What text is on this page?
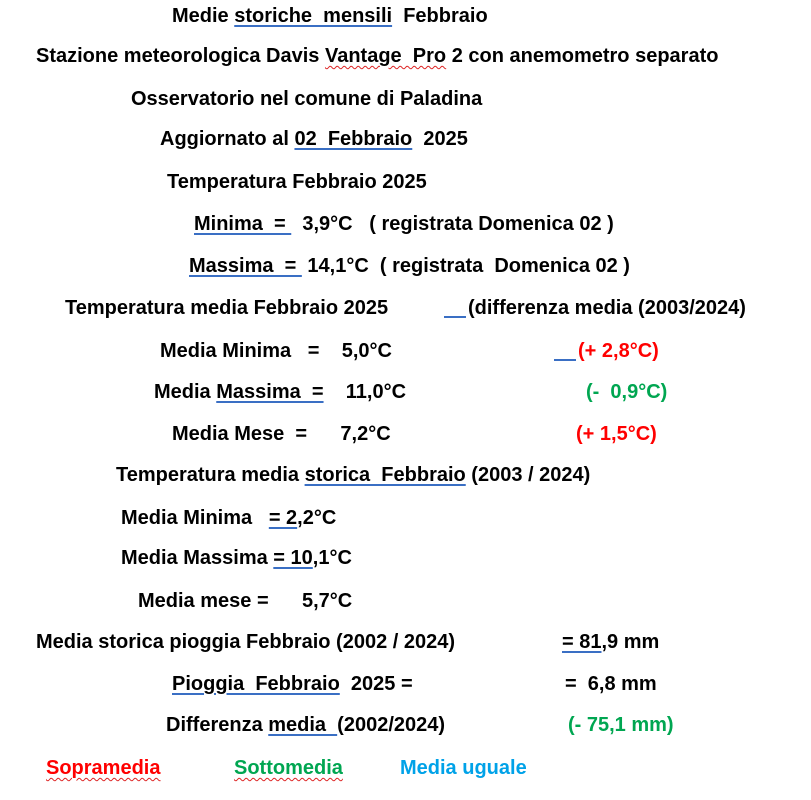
Medie storiche  mensili  Febbraio
Stazione meteorologica Davis Vantage  Pro 2 con anemometro separato
Osservatorio nel comune di Paladina
Aggiornato al 02  Febbraio  2025
Temperatura Febbraio 2025
Minima  =   3,9°C   ( registrata Domenica 02 )
Massima  =  14,1°C  ( registrata  Domenica 02 )
Temperatura media Febbraio 2025	(differenza media (2003/2024)
Media Minima   =    5,0°C	(+ 2,8°C)
Media Massima  =    11,0°C	(-  0,9°C)
Media Mese  =      7,2°C	(+ 1,5°C)
Temperatura media storica  Febbraio (2003 / 2024)
Media Minima   = 2,2°C
Media Massima = 10,1°C
Media mese =      5,7°C
Media storica pioggia Febbraio (2002 / 2024)	= 81,9 mm
Pioggia  Febbraio  2025 =	=  6,8 mm
Differenza media  (2002/2024)	(- 75,1 mm)
Sopramedia	Sottomedia	Media uguale
